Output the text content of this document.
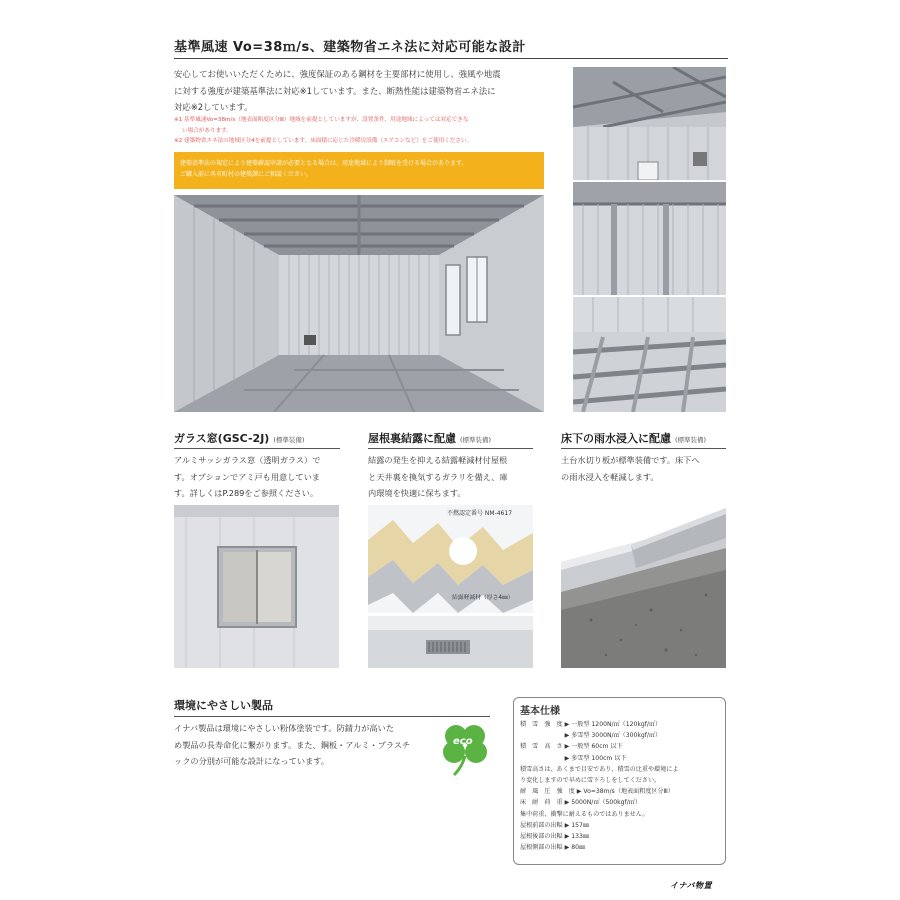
基準風速 Vo=38ｍ/s、建築物省エネ法に対応可能な設計
安心してお使いいただくために、強度保証のある鋼材を主要部材に使用し、強風や地震
に対する強度が建築基準法に対応※1しています。また、断熱性能は建築物省エネ法に
対応※2しています。
※1 基準風速Vo=38m/s（地表面粗度区分Ⅲ）地域を前提としていますが、設置条件、用途地域によっては対応できな
い場合があります。
※2 建築物省エネ法の地域区分4を前提としています。床面積に応じた冷暖房設備（エアコンなど）をご使用ください。
建築基準法の規定により建築確認申請が必要となる場合は、用途地域により制限を受ける場合があります。
ご購入前に各市町村の建築課にご相談ください。
ガラス窓(GSC-2J) (標準装備)
アルミサッシガラス窓（透明ガラス）で
す。オプションでアミ戸も用意していま
す。詳しくはP.289をご参照ください。
屋根裏結露に配慮 (標準装備)
結露の発生を抑える結露軽減材付屋根
と天井裏を換気するガラリを備え、庫
内環境を快適に保ちます。
不燃認定番号 NM-4617
結露軽減材（厚さ4㎜）
床下の雨水浸入に配慮 (標準装備)
土台水切り板が標準装備です。床下へ
の雨水浸入を軽減します。
環境にやさしい製品
イナバ製品は環境にやさしい粉体塗装です。防錆力が高いた
め製品の長寿命化に繋がります。また、鋼板・アルミ・プラスチ
ックの分別が可能な設計になっています。
eco
基本仕様
積　雪　強　度 ▶ 一般型 1200N/㎡（120kgf/㎡）
　　　　　　　 ▶ 多雪型 3000N/㎡（300kgf/㎡）
積　雪　高　さ ▶ 一般型 60cm 以下
　　　　　　　 ▶ 多雪型 100cm 以下
積雪高さは、あくまで目安であり、積雪の比重や環境によ
り変化しますので早めに雪下ろしをしてください。
耐　風　圧　強　度 ▶ Vo=38m/s（地表面粗度区分Ⅲ）
床　耐　荷　重 ▶ 5000N/㎡（500kgf/㎡）
集中荷重、衝撃に耐えるものではありません。
屋根前部の出幅 ▶ 157㎜
屋根後部の出幅 ▶ 133㎜
屋根側部の出幅 ▶ 80㎜
イナバ物置
